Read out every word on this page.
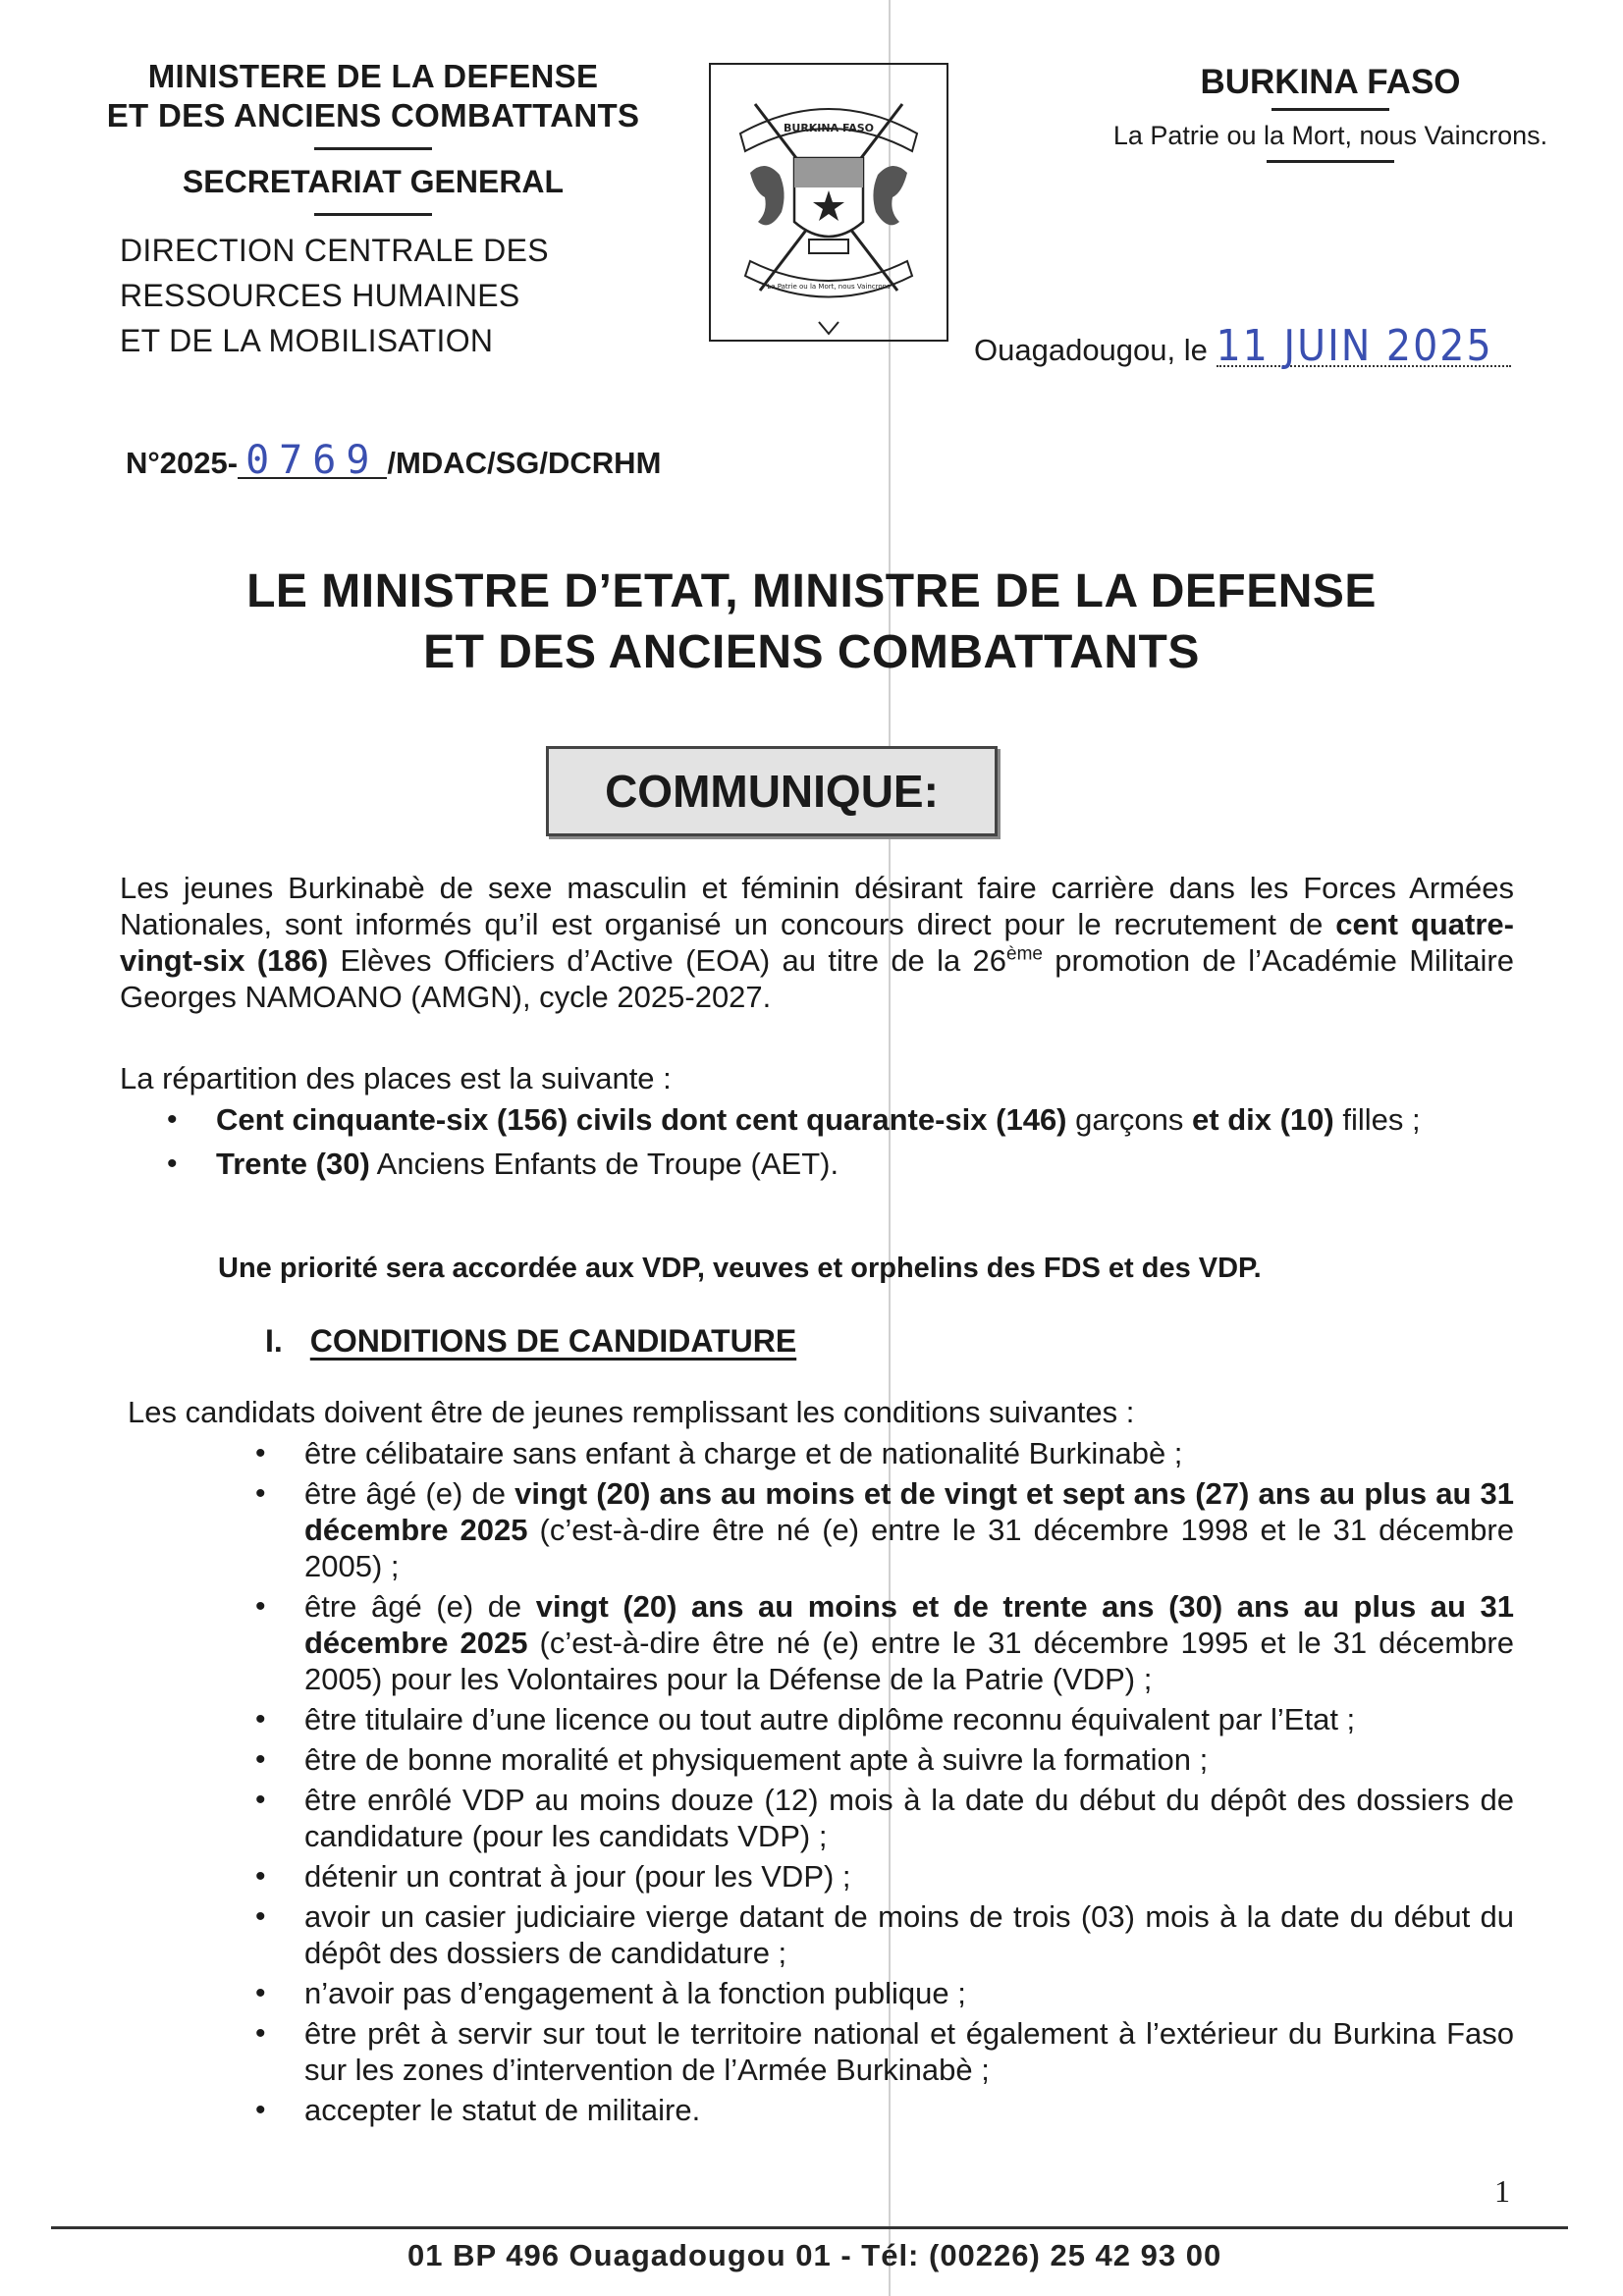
MINISTERE DE LA DEFENSE
ET DES ANCIENS COMBATTANTS
SECRETARIAT GENERAL
DIRECTION CENTRALE DES
RESSOURCES HUMAINES
ET DE LA MOBILISATION
N°2025- 0769 /MDAC/SG/DCRHM
BURKINA FASO
La Patrie ou la Mort, nous Vaincrons
BURKINA FASO
La Patrie ou la Mort, nous Vaincrons.
Ouagadougou, le 11 JUIN 2025
LE MINISTRE D’ETAT, MINISTRE DE LA DEFENSE
ET DES ANCIENS COMBATTANTS
COMMUNIQUE:

Les jeunes Burkinabè de sexe masculin et féminin désirant faire carrière dans les Forces Armées Nationales, sont informés qu’il est organisé un concours direct pour le recrutement de cent quatre-vingt-six (186) Elèves Officiers d’Active (EOA) au titre de la 26ème promotion de l’Académie Militaire Georges NAMOANO (AMGN), cycle 2025-2027.

La répartition des places est la suivante :
• Cent cinquante-six (156) civils dont cent quarante-six (146) garçons et dix (10) filles ;
• Trente (30) Anciens Enfants de Troupe (AET).
Une priorité sera accordée aux VDP, veuves et orphelins des FDS et des VDP.
I. CONDITIONS DE CANDIDATURE
Les candidats doivent être de jeunes remplissant les conditions suivantes :
• être célibataire sans enfant à charge et de nationalité Burkinabè ;
• être âgé (e) de vingt (20) ans au moins et de vingt et sept ans (27) ans au plus au 31 décembre 2025 (c’est-à-dire être né (e) entre le 31 décembre 1998 et le 31 décembre 2005) ;
• être âgé (e) de vingt (20) ans au moins et de trente ans (30) ans au plus au 31 décembre 2025 (c’est-à-dire être né (e) entre le 31 décembre 1995 et le 31 décembre 2005) pour les Volontaires pour la Défense de la Patrie (VDP) ;
• être titulaire d’une licence ou tout autre diplôme reconnu équivalent par l’Etat ;
• être de bonne moralité et physiquement apte à suivre la formation ;
• être enrôlé VDP au moins douze (12) mois à la date du début du dépôt des dossiers de candidature (pour les candidats VDP) ;
• détenir un contrat à jour (pour les VDP) ;
• avoir un casier judiciaire vierge datant de moins de trois (03) mois à la date du début du dépôt des dossiers de candidature ;
• n’avoir pas d’engagement à la fonction publique ;
• être prêt à servir sur tout le territoire national et également à l’extérieur du Burkina Faso sur les zones d’intervention de l’Armée Burkinabè ;
• accepter le statut de militaire.
1
01 BP 496 Ouagadougou 01 - Tél: (00226) 25 42 93 00
